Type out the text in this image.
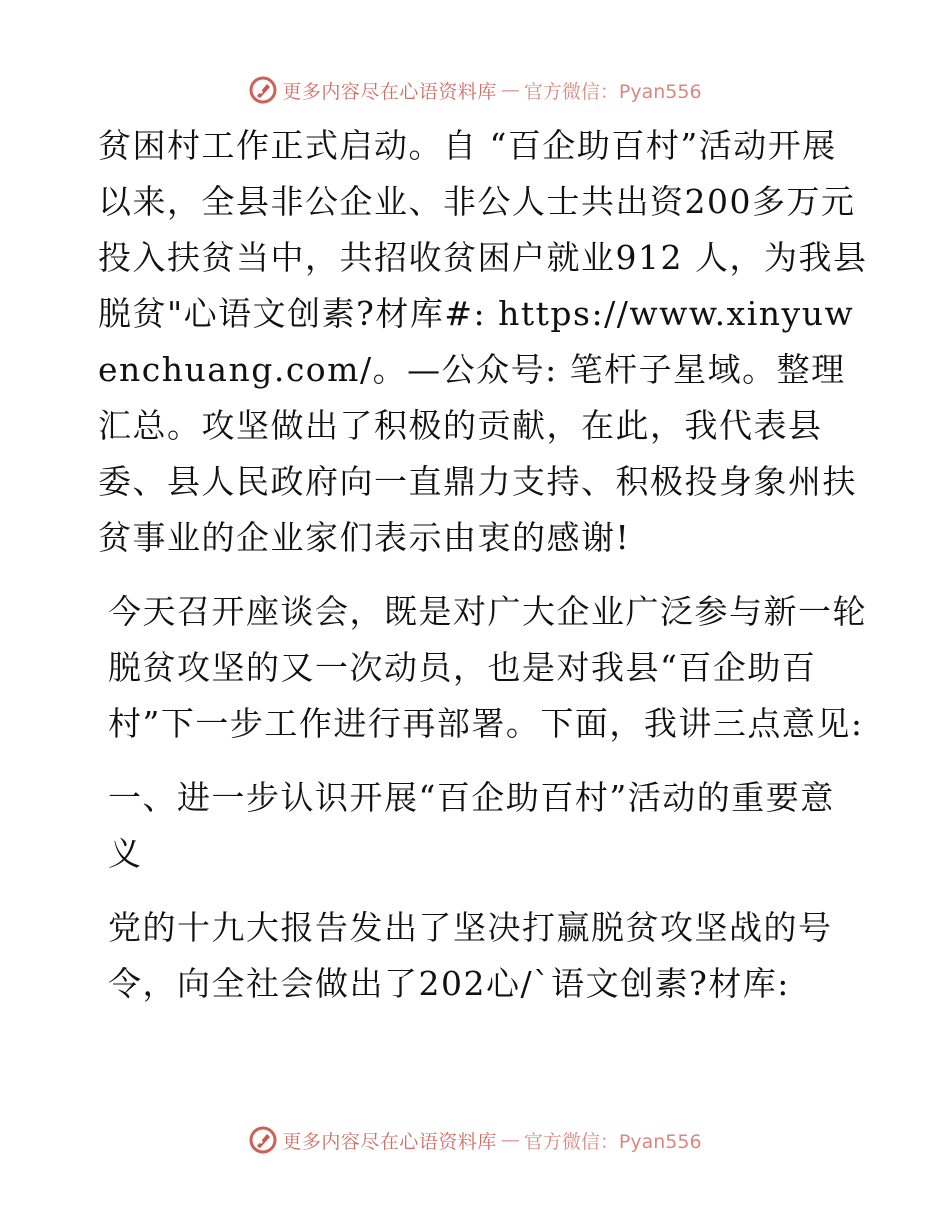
更多内容尽在心语资料库 — 官方微信：Pyan556

贫困村工作正式启动。自 “百企助百村”活动开展以来，全县非公企业、非公人士共出资200多万元投入扶贫当中，共招收贫困户就业912 人，为我县脱贫"心语文创素?材库#: https://www.xinyuwenchuang.com/。—公众号: 笔杆子星域。整理汇总。攻坚做出了积极的贡献，在此，我代表县委、县人民政府向一直鼎力支持、积极投身象州扶贫事业的企业家们表示由衷的感谢!

今天召开座谈会，既是对广大企业广泛参与新一轮脱贫攻坚的又一次动员，也是对我县“百企助百村”下一步工作进行再部署。下面，我讲三点意见:

一、进一步认识开展“百企助百村”活动的重要意义

党的十九大报告发出了坚决打赢脱贫攻坚战的号令，向全社会做出了202心/`语文创素?材库:

更多内容尽在心语资料库 — 官方微信：Pyan556
